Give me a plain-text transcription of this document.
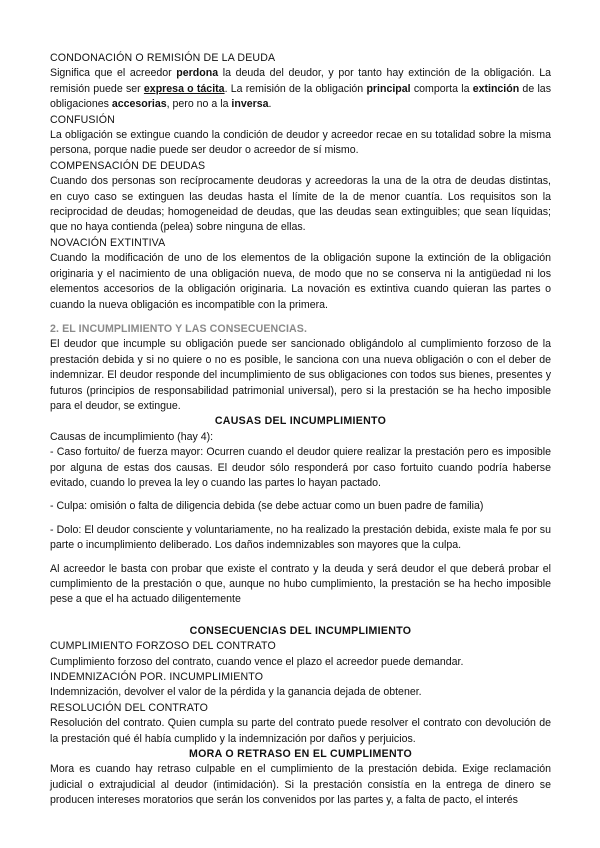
CONDONACIÓN O REMISIÓN DE LA DEUDA
Significa que el acreedor perdona la deuda del deudor, y por tanto hay extinción de la obligación. La remisión puede ser expresa o tácita. La remisión de la obligación principal comporta la extinción de las obligaciones accesorias, pero no a la inversa.
CONFUSIÓN
La obligación se extingue cuando la condición de deudor y acreedor recae en su totalidad sobre la misma persona, porque nadie puede ser deudor o acreedor de sí mismo.
COMPENSACIÓN DE DEUDAS
Cuando dos personas son recíprocamente deudoras y acreedoras la una de la otra de deudas distintas, en cuyo caso se extinguen las deudas hasta el límite de la de menor cuantía. Los requisitos son la reciprocidad de deudas; homogeneidad de deudas, que las deudas sean extinguibles; que sean líquidas; que no haya contienda (pelea) sobre ninguna de ellas.
NOVACIÓN EXTINTIVA
Cuando la modificación de uno de los elementos de la obligación supone la extinción de la obligación originaria y el nacimiento de una obligación nueva, de modo que no se conserva ni la antigüedad ni los elementos accesorios de la obligación originaria. La novación es extintiva cuando quieran las partes o cuando la nueva obligación es incompatible con la primera.
2. EL INCUMPLIMIENTO Y LAS CONSECUENCIAS.
El deudor que incumple su obligación puede ser sancionado obligándolo al cumplimiento forzoso de la prestación debida y si no quiere o no es posible, le sanciona con una nueva obligación o con el deber de indemnizar. El deudor responde del incumplimiento de sus obligaciones con todos sus bienes, presentes y futuros (principios de responsabilidad patrimonial universal), pero si la prestación se ha hecho imposible para el deudor, se extingue.
CAUSAS DEL INCUMPLIMIENTO
Causas de incumplimiento (hay 4):
- Caso fortuito/ de fuerza mayor: Ocurren cuando el deudor quiere realizar la prestación pero es imposible por alguna de estas dos causas. El deudor sólo responderá por caso fortuito cuando podría haberse evitado, cuando lo prevea la ley o cuando las partes lo hayan pactado.
- Culpa: omisión o falta de diligencia debida (se debe actuar como un buen padre de familia)
- Dolo: El deudor consciente y voluntariamente, no ha realizado la prestación debida, existe mala fe por su parte o incumplimiento deliberado. Los daños indemnizables son mayores que la culpa.
Al acreedor le basta con probar que existe el contrato y la deuda y será deudor el que deberá probar el cumplimiento de la prestación o que, aunque no hubo cumplimiento, la prestación se ha hecho imposible pese a que el ha actuado diligentemente
CONSECUENCIAS DEL INCUMPLIMIENTO
CUMPLIMIENTO FORZOSO DEL CONTRATO
Cumplimiento forzoso del contrato, cuando vence el plazo el acreedor puede demandar.
INDEMNIZACIÓN POR. INCUMPLIMIENTO
Indemnización, devolver el valor de la pérdida y la ganancia dejada de obtener.
RESOLUCIÓN DEL CONTRATO
Resolución del contrato. Quien cumpla su parte del contrato puede resolver el contrato con devolución de la prestación qué él había cumplido y la indemnización por daños y perjuicios.
MORA O RETRASO EN EL CUMPLIMENTO
Mora es cuando hay retraso culpable en el cumplimiento de la prestación debida. Exige reclamación judicial o extrajudicial al deudor (intimidación). Si la prestación consistía en la entrega de dinero se producen intereses moratorios que serán los convenidos por las partes y, a falta de pacto, el interés
